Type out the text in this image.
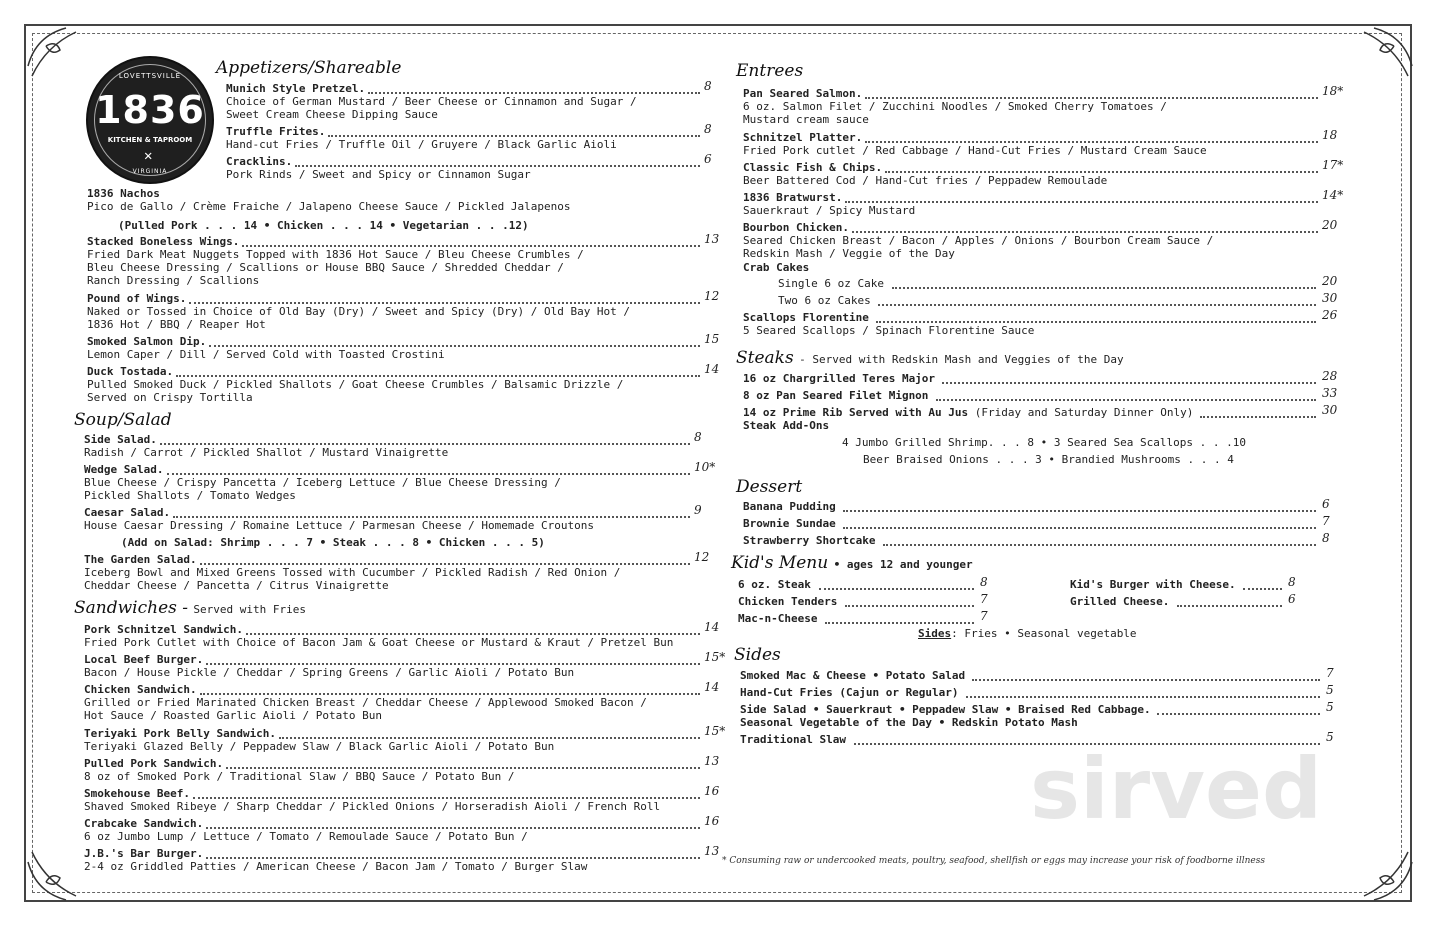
LOVETTSVILLE
1836
KITCHEN & TAPROOM
✕
VIRGINIA
sirved
Appetizers/Shareable
Soup/Salad
Sandwiches - Served with Fries
Entrees
Steaks - Served with Redskin Mash and Veggies of the Day
Dessert
Kid's Menu • ages 12 and younger
Sides
Munich Style Pretzel.	8
Choice of German Mustard / Beer Cheese or Cinnamon and Sugar /
Sweet Cream Cheese Dipping Sauce
Truffle Frites.	8
Hand-cut Fries / Truffle Oil / Gruyere / Black Garlic Aioli
Cracklins.	6
Pork Rinds / Sweet and Spicy or Cinnamon Sugar
1836 Nachos
Pico de Gallo / Crème Fraiche / Jalapeno Cheese Sauce / Pickled Jalapenos
Stacked Boneless Wings.	13
Fried Dark Meat Nuggets Topped with 1836 Hot Sauce / Bleu Cheese Crumbles /
Bleu Cheese Dressing / Scallions or House BBQ Sauce / Shredded Cheddar /
Ranch Dressing / Scallions
Pound of Wings.	12
Naked or Tossed in Choice of Old Bay (Dry) / Sweet and Spicy (Dry) / Old Bay Hot /
1836 Hot / BBQ / Reaper Hot
Smoked Salmon Dip.	15
Lemon Caper / Dill / Served Cold with Toasted Crostini
Duck Tostada.	14
Pulled Smoked Duck / Pickled Shallots / Goat Cheese Crumbles / Balsamic Drizzle /
Served on Crispy Tortilla
Side Salad.	8
Radish / Carrot / Pickled Shallot / Mustard Vinaigrette
Wedge Salad.	10*
Blue Cheese / Crispy Pancetta / Iceberg Lettuce / Blue Cheese Dressing /
Pickled Shallots / Tomato Wedges
Caesar Salad.	9
House Caesar Dressing / Romaine Lettuce / Parmesan Cheese / Homemade Croutons
The Garden Salad.	12
Iceberg Bowl and Mixed Greens Tossed with Cucumber / Pickled Radish / Red Onion /
Cheddar Cheese / Pancetta / Citrus Vinaigrette
Pork Schnitzel Sandwich.	14
Fried Pork Cutlet with Choice of Bacon Jam & Goat Cheese or Mustard & Kraut / Pretzel Bun
Local Beef Burger.	15*
Bacon / House Pickle / Cheddar / Spring Greens / Garlic Aioli / Potato Bun
Chicken Sandwich.	14
Grilled or Fried Marinated Chicken Breast / Cheddar Cheese / Applewood Smoked Bacon /
Hot Sauce / Roasted Garlic Aioli / Potato Bun
Teriyaki Pork Belly Sandwich.	15*
Teriyaki Glazed Belly / Peppadew Slaw / Black Garlic Aioli / Potato Bun
Pulled Pork Sandwich.	13
8 oz of Smoked Pork / Traditional Slaw / BBQ Sauce / Potato Bun /
Smokehouse Beef.	16
Shaved Smoked Ribeye / Sharp Cheddar / Pickled Onions / Horseradish Aioli / French Roll
Crabcake Sandwich.	16
6 oz Jumbo Lump / Lettuce / Tomato / Remoulade Sauce / Potato Bun /
J.B.'s Bar Burger.	13
2-4 oz Griddled Patties / American Cheese / Bacon Jam / Tomato / Burger Slaw
Pan Seared Salmon.	18*
6 oz. Salmon Filet / Zucchini Noodles / Smoked Cherry Tomatoes /
Mustard cream sauce
Schnitzel Platter.	18
Fried Pork cutlet / Red Cabbage / Hand-Cut Fries / Mustard Cream Sauce
Classic Fish & Chips.	17*
Beer Battered Cod / Hand-Cut fries / Peppadew Remoulade
1836 Bratwurst.	14*
Sauerkraut / Spicy Mustard
Bourbon Chicken.	20
Seared Chicken Breast / Bacon / Apples / Onions / Bourbon Cream Sauce /
Redskin Mash / Veggie of the Day
Single 6 oz Cake	20
Two 6 oz Cakes	30
Scallops Florentine	26
5 Seared Scallops / Spinach Florentine Sauce
16 oz Chargrilled Teres Major	28
8 oz Pan Seared Filet Mignon	33
14 oz Prime Rib Served with Au Jus (Friday and Saturday Dinner Only)	30
Banana Pudding	6
Brownie Sundae	7
Strawberry Shortcake	8
6 oz. Steak	8
Chicken Tenders	7
Mac-n-Cheese	7
Kid's Burger with Cheese.	8
Grilled Cheese.	6
Smoked Mac & Cheese • Potato Salad	7
Hand-Cut Fries (Cajun or Regular)	5
Side Salad • Sauerkraut • Peppadew Slaw • Braised Red Cabbage.	5
Seasonal Vegetable of the Day • Redskin Potato Mash
Traditional Slaw	5
(Pulled Pork . . . 14 • Chicken . . . 14 • Vegetarian . . .12)
(Add on Salad: Shrimp . . . 7 • Steak . . . 8 • Chicken . . . 5)
Steak Add-Ons
4 Jumbo Grilled Shrimp. . . 8 • 3 Seared Sea Scallops . . .10
Beer Braised Onions . . . 3 • Brandied Mushrooms . . . 4
Crab Cakes
Sides: Fries • Seasonal vegetable
* Consuming raw or undercooked meats, poultry, seafood, shellfish or eggs may increase your risk of foodborne illness
